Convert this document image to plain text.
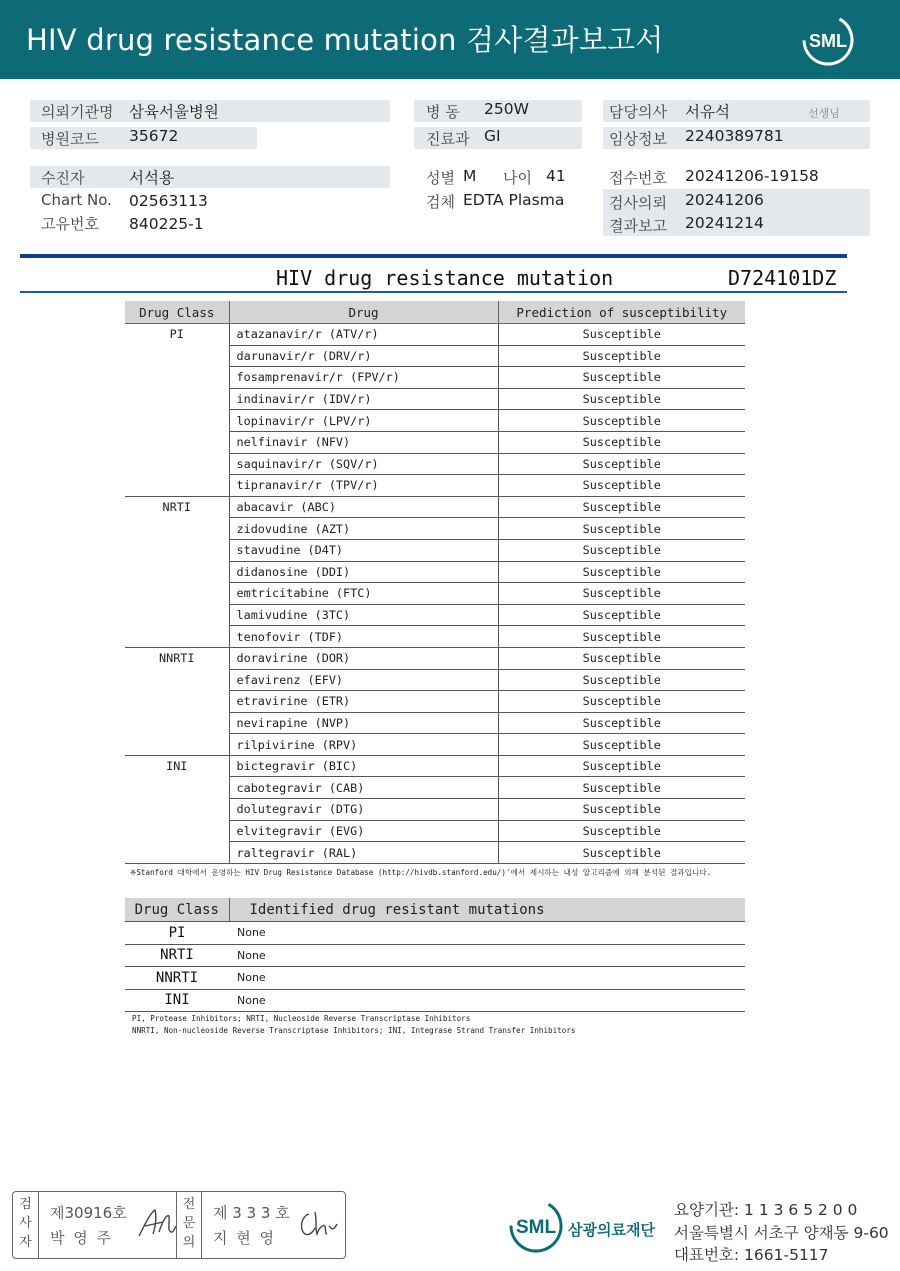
HIV drug resistance mutation 검사결과보고서	SML
의뢰기관명 삼육서울병원
병원코드 35672
병 동 250W
진료과 GI
담당의사 서유석	선생님
임상정보 2240389781
수진자	서석용
Chart No. 02563113
고유번호 840225-1
성별 M 나이 41
검체 EDTA Plasma
접수번호 20241206-19158
검사의뢰 20241206
결과보고 20241214
HIV drug resistance mutation	D724101DZ
Drug Class	Drug	Prediction of susceptibility
PI	atazanavir/r (ATV/r)	Susceptible
	darunavir/r (DRV/r)	Susceptible
	fosamprenavir/r (FPV/r)	Susceptible
	indinavir/r (IDV/r)	Susceptible
	lopinavir/r (LPV/r)	Susceptible
	nelfinavir (NFV)	Susceptible
	saquinavir/r (SQV/r)	Susceptible
	tipranavir/r (TPV/r)	Susceptible
NRTI	abacavir (ABC)	Susceptible
	zidovudine (AZT)	Susceptible
	stavudine (D4T)	Susceptible
	didanosine (DDI)	Susceptible
	emtricitabine (FTC)	Susceptible
	lamivudine (3TC)	Susceptible
	tenofovir (TDF)	Susceptible
NNRTI	doravirine (DOR)	Susceptible
	efavirenz (EFV)	Susceptible
	etravirine (ETR)	Susceptible
	nevirapine (NVP)	Susceptible
	rilpivirine (RPV)	Susceptible
INI	bictegravir (BIC)	Susceptible
	cabotegravir (CAB)	Susceptible
	dolutegravir (DTG)	Susceptible
	elvitegravir (EVG)	Susceptible
	raltegravir (RAL)	Susceptible
※Stanford 대학에서 운영하는 HIV Drug Resistance Database (http://hivdb.stanford.edu/)'에서 제시하는 내성 알고리즘에 의해 분석된 결과입니다.
Drug Class	Identified drug resistant mutations
PI	None
NRTI	None
NNRTI	None
INI	None
PI, Protease Inhibitors; NRTI, Nucleoside Reverse Transcriptase Inhibitors
NNRTI, Non-nucleoside Reverse Transcriptase Inhibitors; INI, Integrase Strand Transfer Inhibitors
검사자
제30916호
박 영 주
전문의
제 3 3 3 호
지 현 영	SML 삼광의료재단
요양기관: 1 1 3 6 5 2 0 0
서울특별시 서초구 양재동 9-60
대표번호: 1661-5117
